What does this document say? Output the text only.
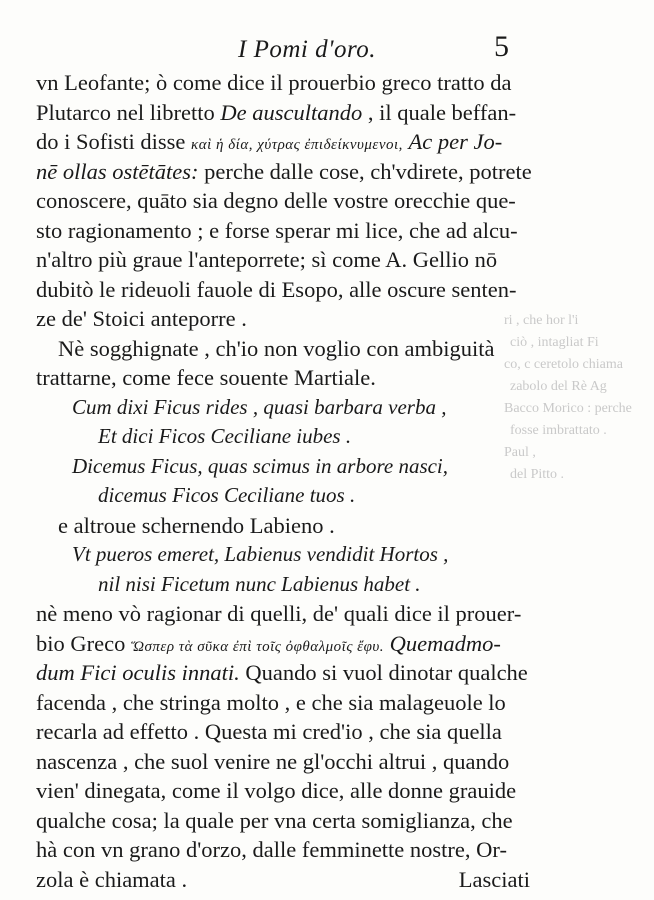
ri , che hor l'i
ciò , intagliat Fi
co, c ceretolo chiama
zabolo del Rè Ag
Bacco Morico : perche
fosse imbrattato .
Paul ,
del Pitto .
I Pomi d'oro.	5
vn Leofante; ò come dice il prouerbio greco tratto da
Plutarco nel libretto De auscultando , il quale beffan-
do i Sofisti disse καὶ ἡ δία, χύτρας ἐπιδείκνυμενοι, Ac per Jo-
nē ollas ostētātes: perche dalle cose, ch'vdirete, potrete
conoscere, quāto sia degno delle vostre orecchie que-
sto ragionamento ; e forse sperar mi lice, che ad alcu-
n'altro più graue l'anteporrete; sì come A. Gellio nō
dubitò le rideuoli fauole di Esopo, alle oscure senten-
ze de' Stoici anteporre .
Nè sogghignate , ch'io non voglio con ambiguità
trattarne, come fece souente Martiale.
Cum dixi Ficus rides , quasi barbara verba ,
Et dici Ficos Ceciliane iubes .
Dicemus Ficus, quas scimus in arbore nasci,
dicemus Ficos Ceciliane tuos .
e altroue schernendo Labieno .
Vt pueros emeret, Labienus vendidit Hortos ,
nil nisi Ficetum nunc Labienus habet .
nè meno vò ragionar di quelli, de' quali dice il prouer-
bio Greco Ὥσπερ τὰ σῦκα ἐπὶ τοῖς ὀφθαλμοῖς ἔφυ. Quemadmo-
dum Fici oculis innati. Quando si vuol dinotar qualche
facenda , che stringa molto , e che sia malageuole lo
recarla ad effetto . Questa mi cred'io , che sia quella
nascenza , che suol venire ne gl'occhi altrui , quando
vien' dinegata, come il volgo dice, alle donne grauide
qualche cosa; la quale per vna certa somiglianza, che
hà con vn grano d'orzo, dalle femminette nostre, Or-
zola è chiamata .	Lasciati
